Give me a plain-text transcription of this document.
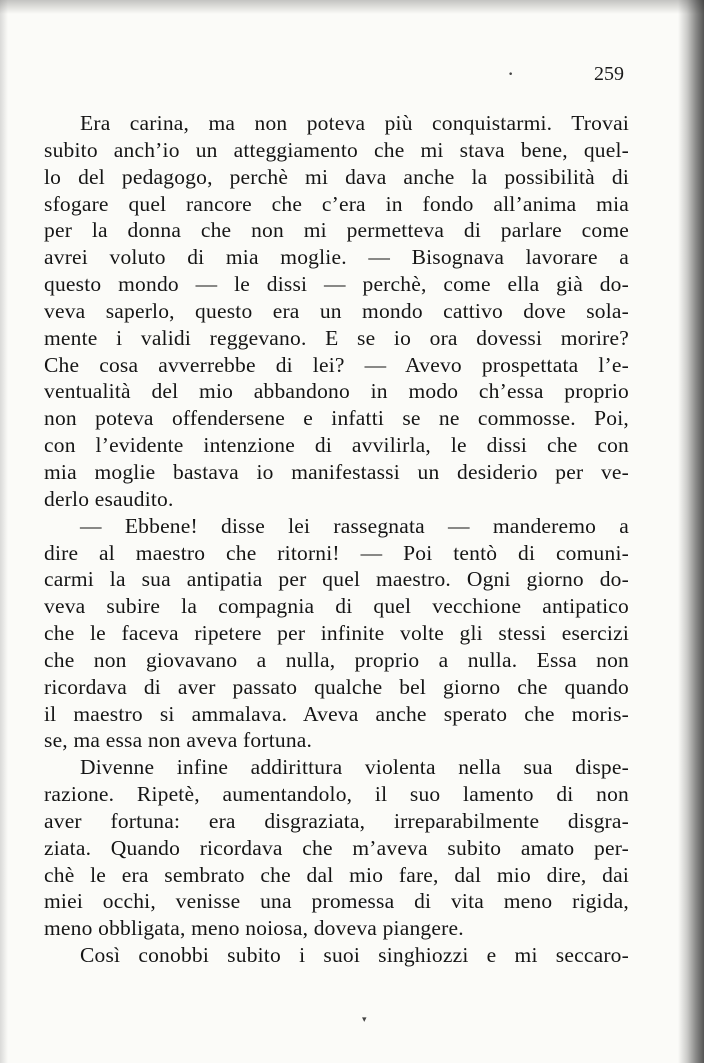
•
▾
259
Era carina, ma non poteva più conquistarmi. Trovai
subito anch’io un atteggiamento che mi stava bene, quel-
lo del pedagogo, perchè mi dava anche la possibilità di
sfogare quel rancore che c’era in fondo all’anima mia
per la donna che non mi permetteva di parlare come
avrei voluto di mia moglie. — Bisognava lavorare a
questo mondo — le dissi — perchè, come ella già do-
veva saperlo, questo era un mondo cattivo dove sola-
mente i validi reggevano. E se io ora dovessi morire?
Che cosa avverrebbe di lei? — Avevo prospettata l’e-
ventualità del mio abbandono in modo ch’essa proprio
non poteva offendersene e infatti se ne commosse. Poi,
con l’evidente intenzione di avvilirla, le dissi che con
mia moglie bastava io manifestassi un desiderio per ve-
derlo esaudito.
— Ebbene! disse lei rassegnata — manderemo a
dire al maestro che ritorni! — Poi tentò di comuni-
carmi la sua antipatia per quel maestro. Ogni giorno do-
veva subire la compagnia di quel vecchione antipatico
che le faceva ripetere per infinite volte gli stessi esercizi
che non giovavano a nulla, proprio a nulla. Essa non
ricordava di aver passato qualche bel giorno che quando
il maestro si ammalava. Aveva anche sperato che moris-
se, ma essa non aveva fortuna.
Divenne infine addirittura violenta nella sua dispe-
razione. Ripetè, aumentandolo, il suo lamento di non
aver fortuna: era disgraziata, irreparabilmente disgra-
ziata. Quando ricordava che m’aveva subito amato per-
chè le era sembrato che dal mio fare, dal mio dire, dai
miei occhi, venisse una promessa di vita meno rigida,
meno obbligata, meno noiosa, doveva piangere.
Così conobbi subito i suoi singhiozzi e mi seccaro-
